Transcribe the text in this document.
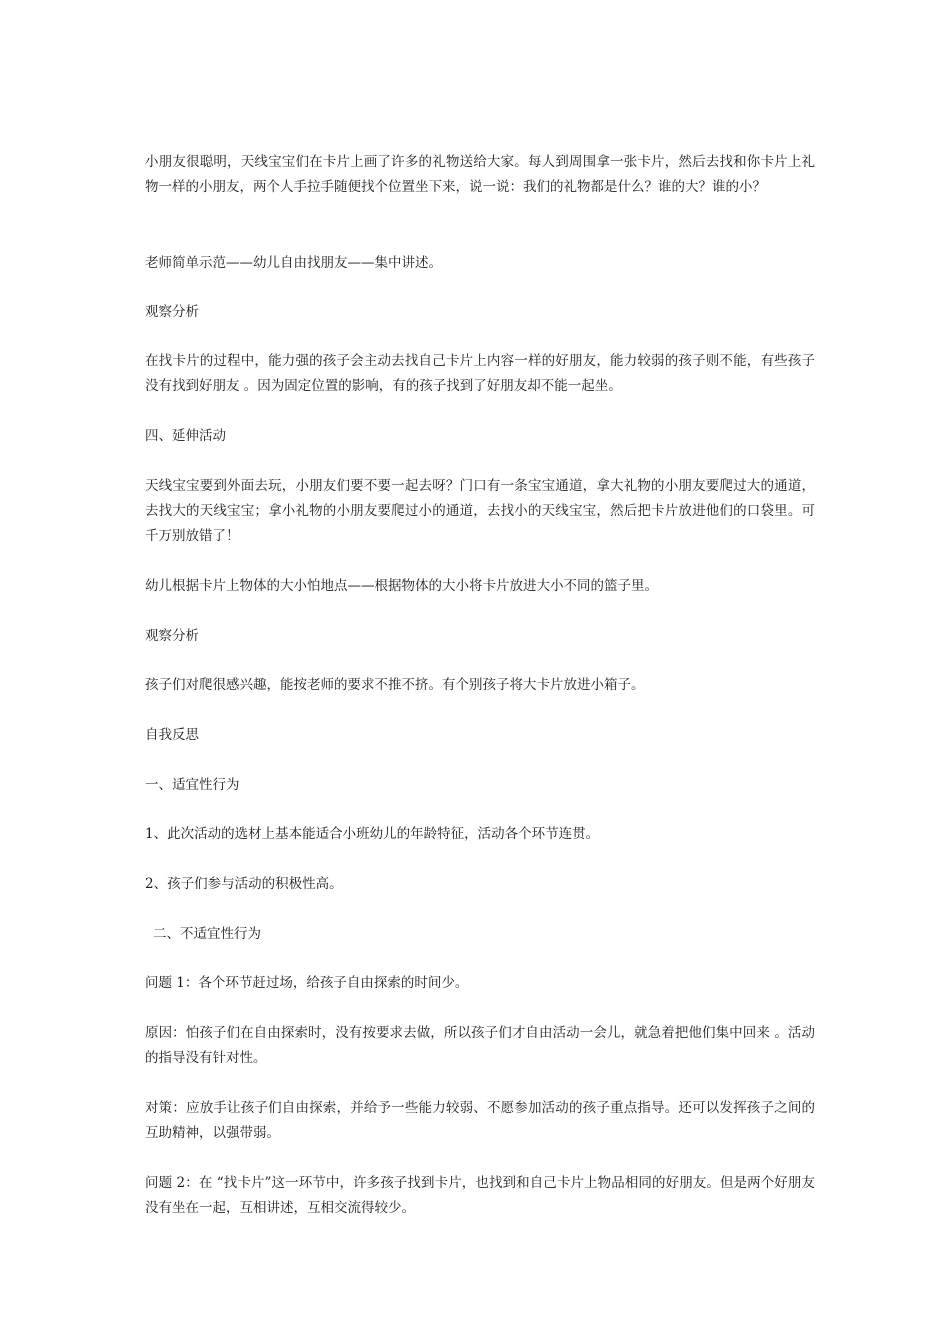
小朋友很聪明，天线宝宝们在卡片上画了许多的礼物送给大家。每人到周围拿一张卡片，然后去找和你卡片上礼物一样的小朋友，两个人手拉手随便找个位置坐下来，说一说：我们的礼物都是什么？谁的大？谁的小？

老师简单示范——幼儿自由找朋友——集中讲述。

观察分析

在找卡片的过程中，能力强的孩子会主动去找自己卡片上内容一样的好朋友，能力较弱的孩子则不能，有些孩子没有找到好朋友 。因为固定位置的影响，有的孩子找到了好朋友却不能一起坐。

四、延伸活动

天线宝宝要到外面去玩，小朋友们要不要一起去呀？门口有一条宝宝通道，拿大礼物的小朋友要爬过大的通道，去找大的天线宝宝；拿小礼物的小朋友要爬过小的通道，去找小的天线宝宝，然后把卡片放进他们的口袋里。可千万别放错了！

幼儿根据卡片上物体的大小怕地点——根据物体的大小将卡片放进大小不同的篮子里。

观察分析

孩子们对爬很感兴趣，能按老师的要求不推不挤。有个别孩子将大卡片放进小箱子。

自我反思

一、适宜性行为

1、此次活动的选材上基本能适合小班幼儿的年龄特征，活动各个环节连贯。

2、孩子们参与活动的积极性高。

二、不适宜性行为

问题 1：各个环节赶过场，给孩子自由探索的时间少。

原因：怕孩子们在自由探索时，没有按要求去做，所以孩子们才自由活动一会儿，就急着把他们集中回来 。活动的指导没有针对性。

对策：应放手让孩子们自由探索，并给予一些能力较弱、不愿参加活动的孩子重点指导。还可以发挥孩子之间的互助精神，以强带弱。

问题 2：在 “找卡片”这一环节中，许多孩子找到卡片，也找到和自己卡片上物品相同的好朋友。但是两个好朋友没有坐在一起，互相讲述，互相交流得较少。
